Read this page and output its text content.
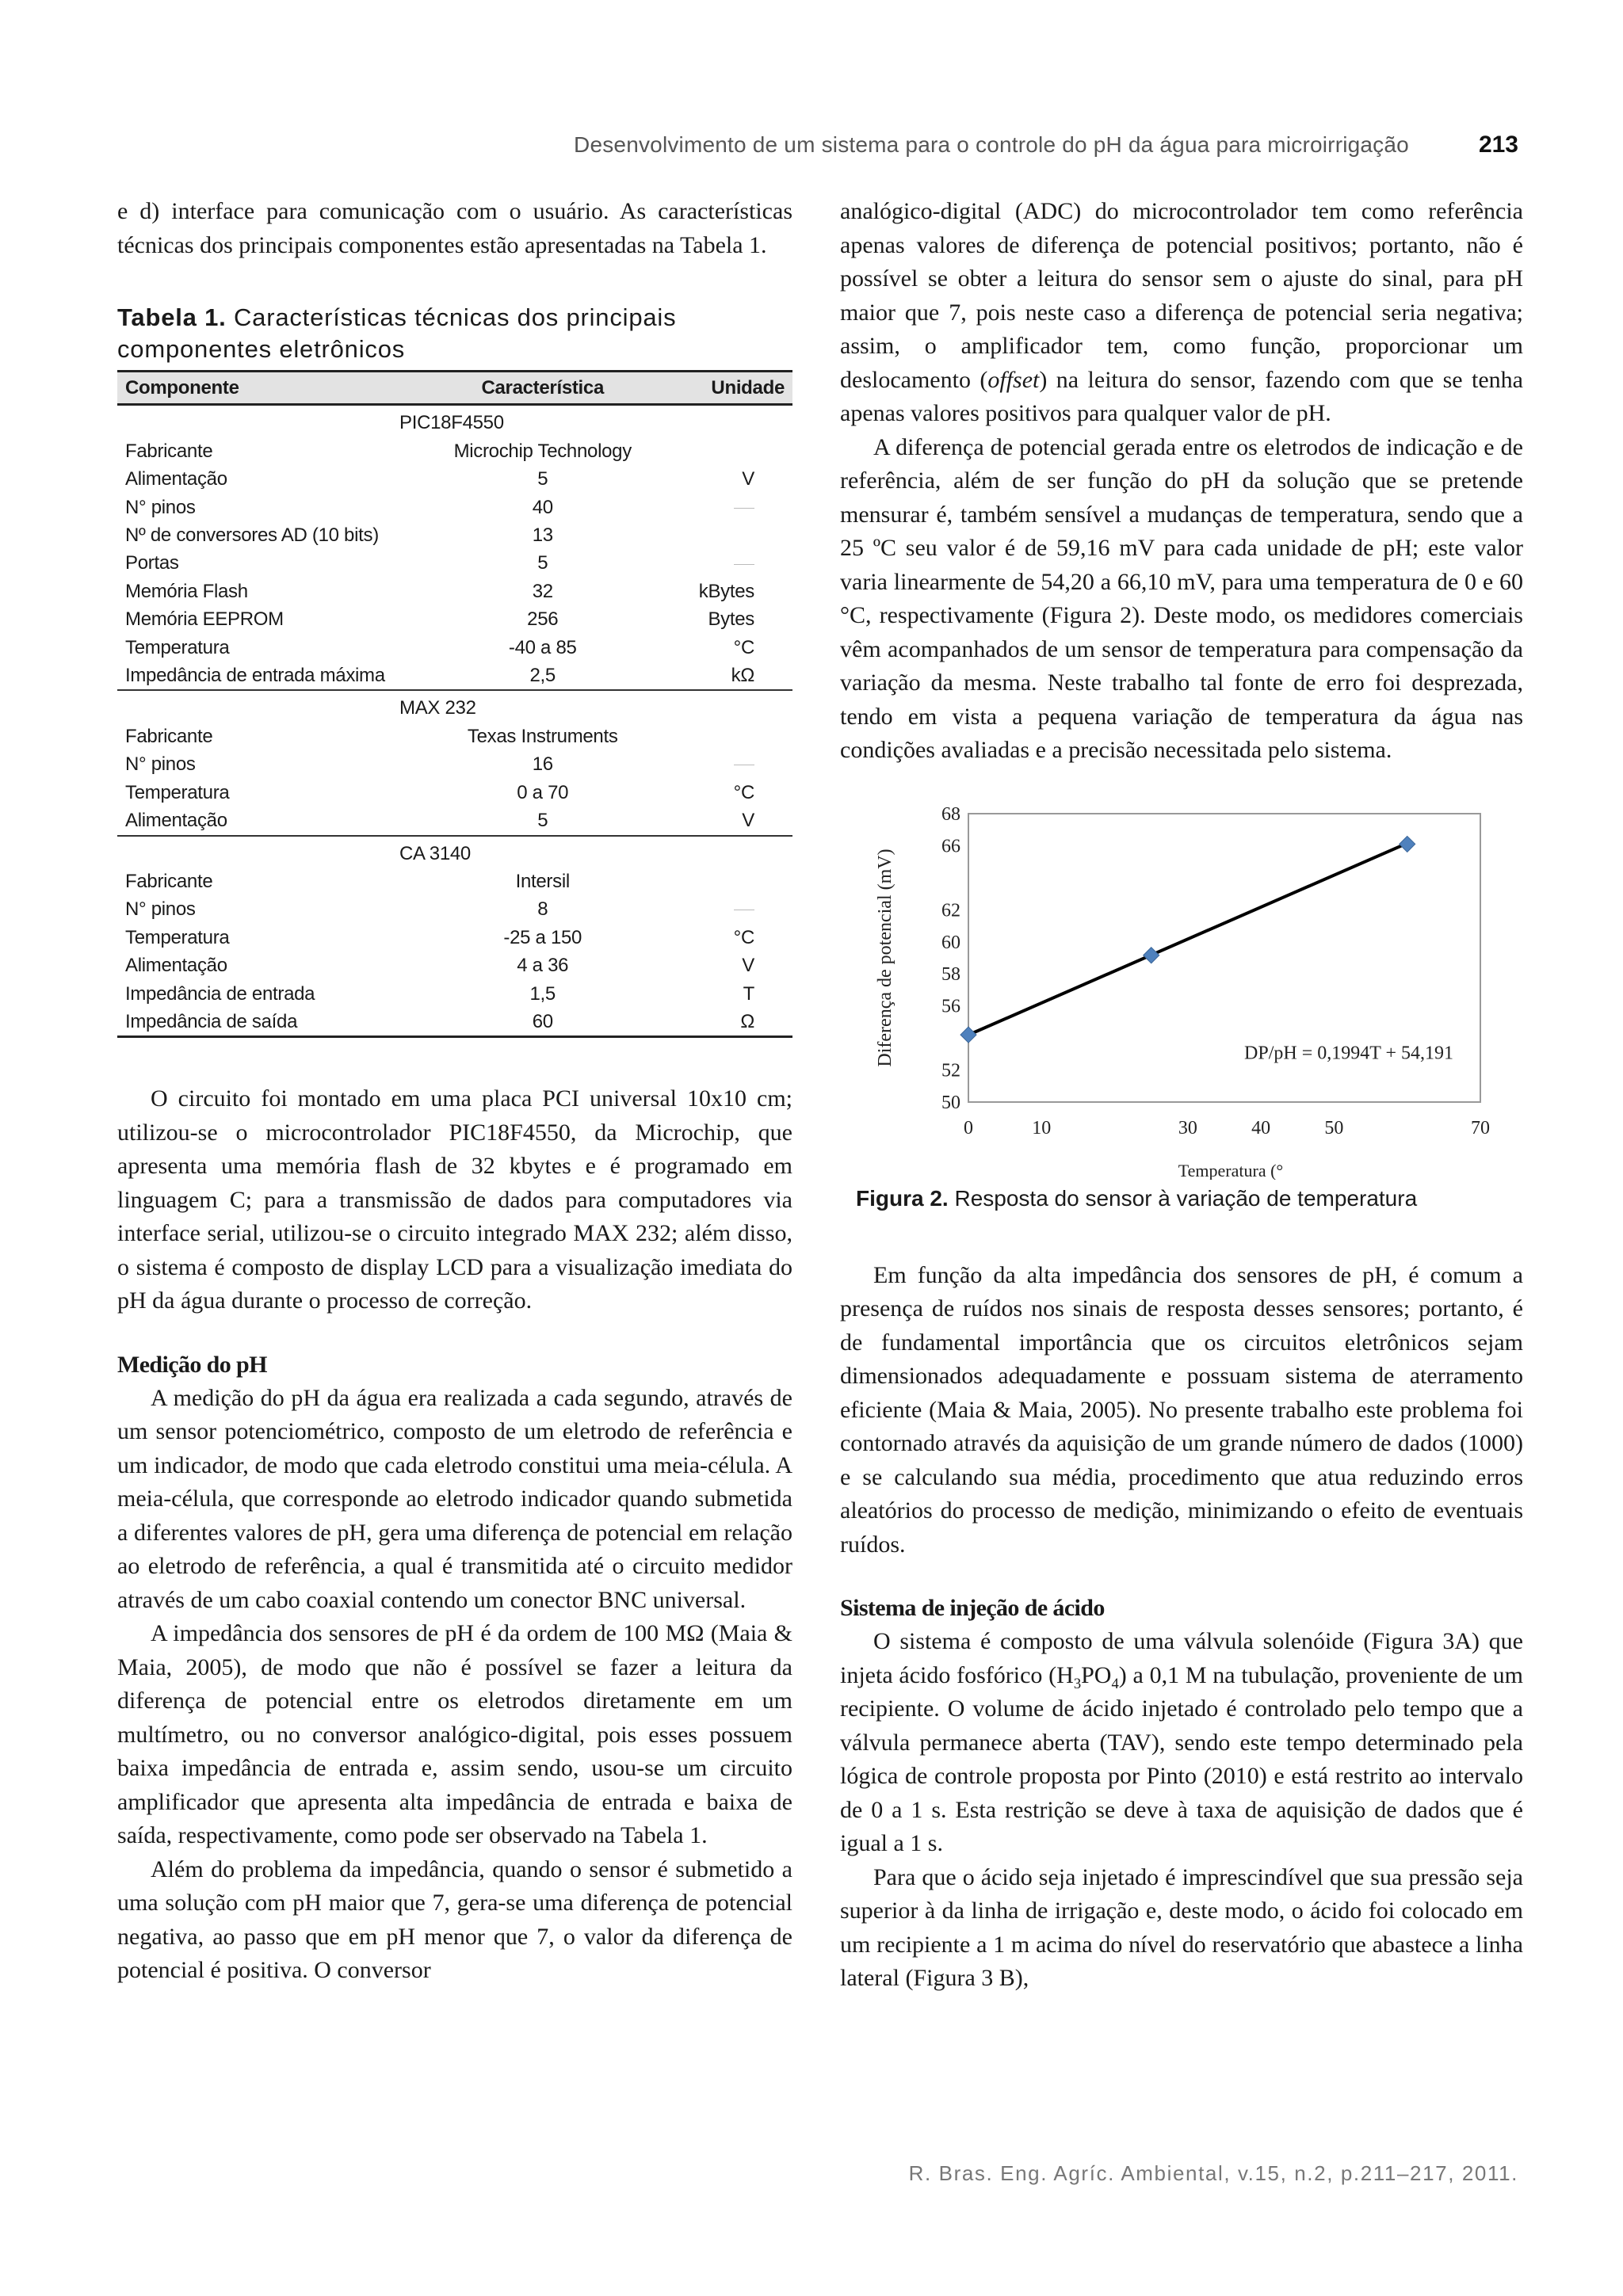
Desenvolvimento de um sistema para o controle do pH da água para microirrigação	213

e d) interface para comunicação com o usuário. As características técnicas dos principais componentes estão apresentadas na Tabela 1.

Tabela 1. Características técnicas dos principais componentes eletrônicos
Componente	Característica	Unidade
PIC18F4550		
Fabricante	Microchip Technology	
Alimentação	5	V
N° pinos	40	
Nº de conversores AD (10 bits)	13	
Portas	5	
Memória Flash	32	kBytes
Memória EEPROM	256	Bytes
Temperatura	-40 a 85	°C
Impedância de entrada máxima	2,5	kΩ
MAX 232		
Fabricante	Texas Instruments	
N° pinos	16	
Temperatura	0 a 70	°C
Alimentação	5	V
CA 3140		
Fabricante	Intersil	
N° pinos	8	
Temperatura	-25 a 150	°C
Alimentação	4 a 36	V
Impedância de entrada	1,5	T
Impedância de saída	60	Ω

O circuito foi montado em uma placa PCI universal 10x10 cm; utilizou-se o microcontrolador PIC18F4550, da Microchip, que apresenta uma memória flash de 32 kbytes e é programado em linguagem C; para a transmissão de dados para computadores via interface serial, utilizou-se o circuito integrado MAX 232; além disso, o sistema é composto de display LCD para a visualização imediata do pH da água durante o processo de correção.

Medição do pH

A medição do pH da água era realizada a cada segundo, através de um sensor potenciométrico, composto de um eletrodo de referência e um indicador, de modo que cada eletrodo constitui uma meia-célula. A meia-célula, que corresponde ao eletrodo indicador quando submetida a diferentes valores de pH, gera uma diferença de potencial em relação ao eletrodo de referência, a qual é transmitida até o circuito medidor através de um cabo coaxial contendo um conector BNC universal.

A impedância dos sensores de pH é da ordem de 100 MΩ (Maia & Maia, 2005), de modo que não é possível se fazer a leitura da diferença de potencial entre os eletrodos diretamente em um multímetro, ou no conversor analógico-digital, pois esses possuem baixa impedância de entrada e, assim sendo, usou-se um circuito amplificador que apresenta alta impedância de entrada e baixa de saída, respectivamente, como pode ser observado na Tabela 1.

Além do problema da impedância, quando o sensor é submetido a uma solução com pH maior que 7, gera-se uma diferença de potencial negativa, ao passo que em pH menor que 7, o valor da diferença de potencial é positiva. O conversor

analógico-digital (ADC) do microcontrolador tem como referência apenas valores de diferença de potencial positivos; portanto, não é possível se obter a leitura do sensor sem o ajuste do sinal, para pH maior que 7, pois neste caso a diferença de potencial seria negativa; assim, o amplificador tem, como função, proporcionar um deslocamento (offset) na leitura do sensor, fazendo com que se tenha apenas valores positivos para qualquer valor de pH.

A diferença de potencial gerada entre os eletrodos de indicação e de referência, além de ser função do pH da solução que se pretende mensurar é, também sensível a mudanças de temperatura, sendo que a 25 ºC seu valor é de 59,16 mV para cada unidade de pH; este valor varia linearmente de 54,20 a 66,10 mV, para uma temperatura de 0 e 60 °C, respectivamente (Figura 2). Deste modo, os medidores comerciais vêm acompanhados de um sensor de temperatura para compensação da variação da mesma. Neste trabalho tal fonte de erro foi desprezada, tendo em vista a pequena variação de temperatura da água nas condições avaliadas e a precisão necessitada pelo sistema.

50
52
56
58
60
62
66
68
0	10	30	40	50	70
Diferença de potencial (mV)
Temperatura (°
DP/pH = 0,1994T + 54,191
Figura 2. Resposta do sensor à variação de temperatura

Em função da alta impedância dos sensores de pH, é comum a presença de ruídos nos sinais de resposta desses sensores; portanto, é de fundamental importância que os circuitos eletrônicos sejam dimensionados adequadamente e possuam sistema de aterramento eficiente (Maia & Maia, 2005). No presente trabalho este problema foi contornado através da aquisição de um grande número de dados (1000) e se calculando sua média, procedimento que atua reduzindo erros aleatórios do processo de medição, minimizando o efeito de eventuais ruídos.

Sistema de injeção de ácido

O sistema é composto de uma válvula solenóide (Figura 3A) que injeta ácido fosfórico $(H_3PO_4)$ a 0,1 M na tubulação, proveniente de um recipiente. O volume de ácido injetado é controlado pelo tempo que a válvula permanece aberta (TAV), sendo este tempo determinado pela lógica de controle proposta por Pinto (2010) e está restrito ao intervalo de 0 a 1 s. Esta restrição se deve à taxa de aquisição de dados que é igual a 1 s.

Para que o ácido seja injetado é imprescindível que sua pressão seja superior à da linha de irrigação e, deste modo, o ácido foi colocado em um recipiente a 1 m acima do nível do reservatório que abastece a linha lateral (Figura 3 B),

R. Bras. Eng. Agríc. Ambiental, v.15, n.2, p.211–217, 2011.
